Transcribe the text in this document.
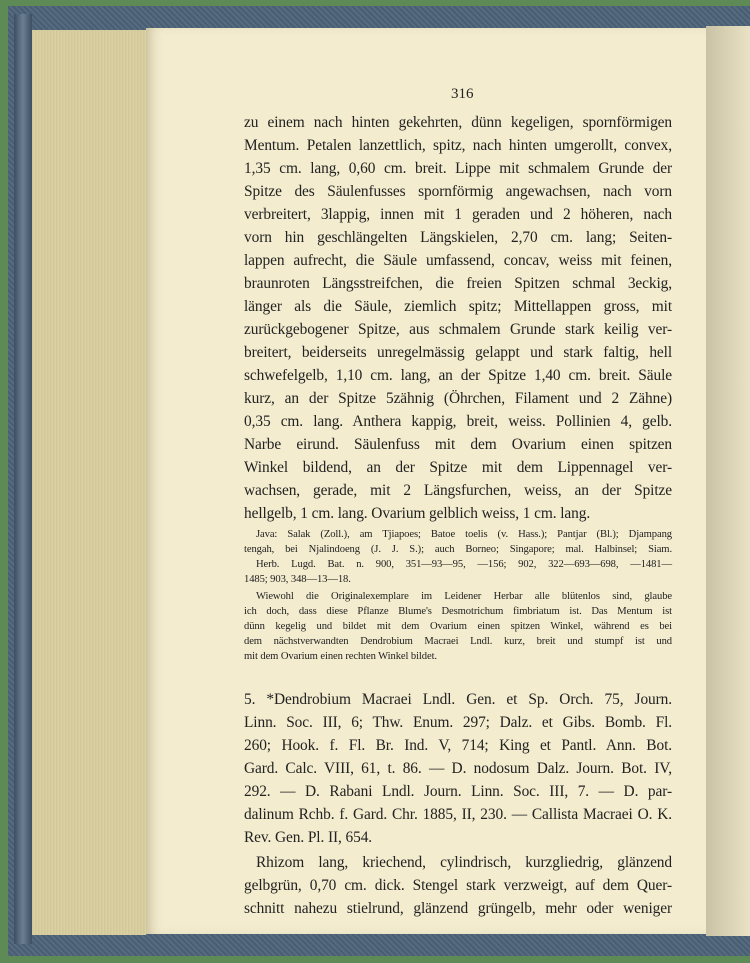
316
zu einem nach hinten gekehrten, dünn kegeligen, spornförmigen
Mentum. Petalen lanzettlich, spitz, nach hinten umgerollt, convex,
1,35 cm. lang, 0,60 cm. breit. Lippe mit schmalem Grunde der
Spitze des Säulenfusses spornförmig angewachsen, nach vorn
verbreitert, 3lappig, innen mit 1 geraden und 2 höheren, nach
vorn hin geschlängelten Längskielen, 2,70 cm. lang; Seiten-
lappen aufrecht, die Säule umfassend, concav, weiss mit feinen,
braunroten Längsstreifchen, die freien Spitzen schmal 3eckig,
länger als die Säule, ziemlich spitz; Mittellappen gross, mit
zurückgebogener Spitze, aus schmalem Grunde stark keilig ver-
breitert, beiderseits unregelmässig gelappt und stark faltig, hell
schwefelgelb, 1,10 cm. lang, an der Spitze 1,40 cm. breit. Säule
kurz, an der Spitze 5zähnig (Öhrchen, Filament und 2 Zähne)
0,35 cm. lang. Anthera kappig, breit, weiss. Pollinien 4, gelb.
Narbe eirund. Säulenfuss mit dem Ovarium einen spitzen
Winkel bildend, an der Spitze mit dem Lippennagel ver-
wachsen, gerade, mit 2 Längsfurchen, weiss, an der Spitze
hellgelb, 1 cm. lang. Ovarium gelblich weiss, 1 cm. lang.
Java: Salak (Zoll.), am Tjiapoes; Batoe toelis (v. Hass.); Pantjar (Bl.); Djampang
tengah, bei Njalindoeng (J. J. S.); auch Borneo; Singapore; mal. Halbinsel; Siam.
Herb. Lugd. Bat. n. 900, 351—93—95, —156; 902, 322—693—698, —1481—
1485; 903, 348—13—18.
Wiewohl die Originalexemplare im Leidener Herbar alle blütenlos sind, glaube
ich doch, dass diese Pflanze Blume's Desmotrichum fimbriatum ist. Das Mentum ist
dünn kegelig und bildet mit dem Ovarium einen spitzen Winkel, während es bei
dem nächstverwandten Dendrobium Macraei Lndl. kurz, breit und stumpf ist und
mit dem Ovarium einen rechten Winkel bildet.
5. *Dendrobium Macraei Lndl. Gen. et Sp. Orch. 75, Journ.
Linn. Soc. III, 6; Thw. Enum. 297; Dalz. et Gibs. Bomb. Fl.
260; Hook. f. Fl. Br. Ind. V, 714; King et Pantl. Ann. Bot.
Gard. Calc. VIII, 61, t. 86. — D. nodosum Dalz. Journ. Bot. IV,
292. — D. Rabani Lndl. Journ. Linn. Soc. III, 7. — D. par-
dalinum Rchb. f. Gard. Chr. 1885, II, 230. — Callista Macraei O. K.
Rev. Gen. Pl. II, 654.
Rhizom lang, kriechend, cylindrisch, kurzgliedrig, glänzend
gelbgrün, 0,70 cm. dick. Stengel stark verzweigt, auf dem Quer-
schnitt nahezu stielrund, glänzend grüngelb, mehr oder weniger
